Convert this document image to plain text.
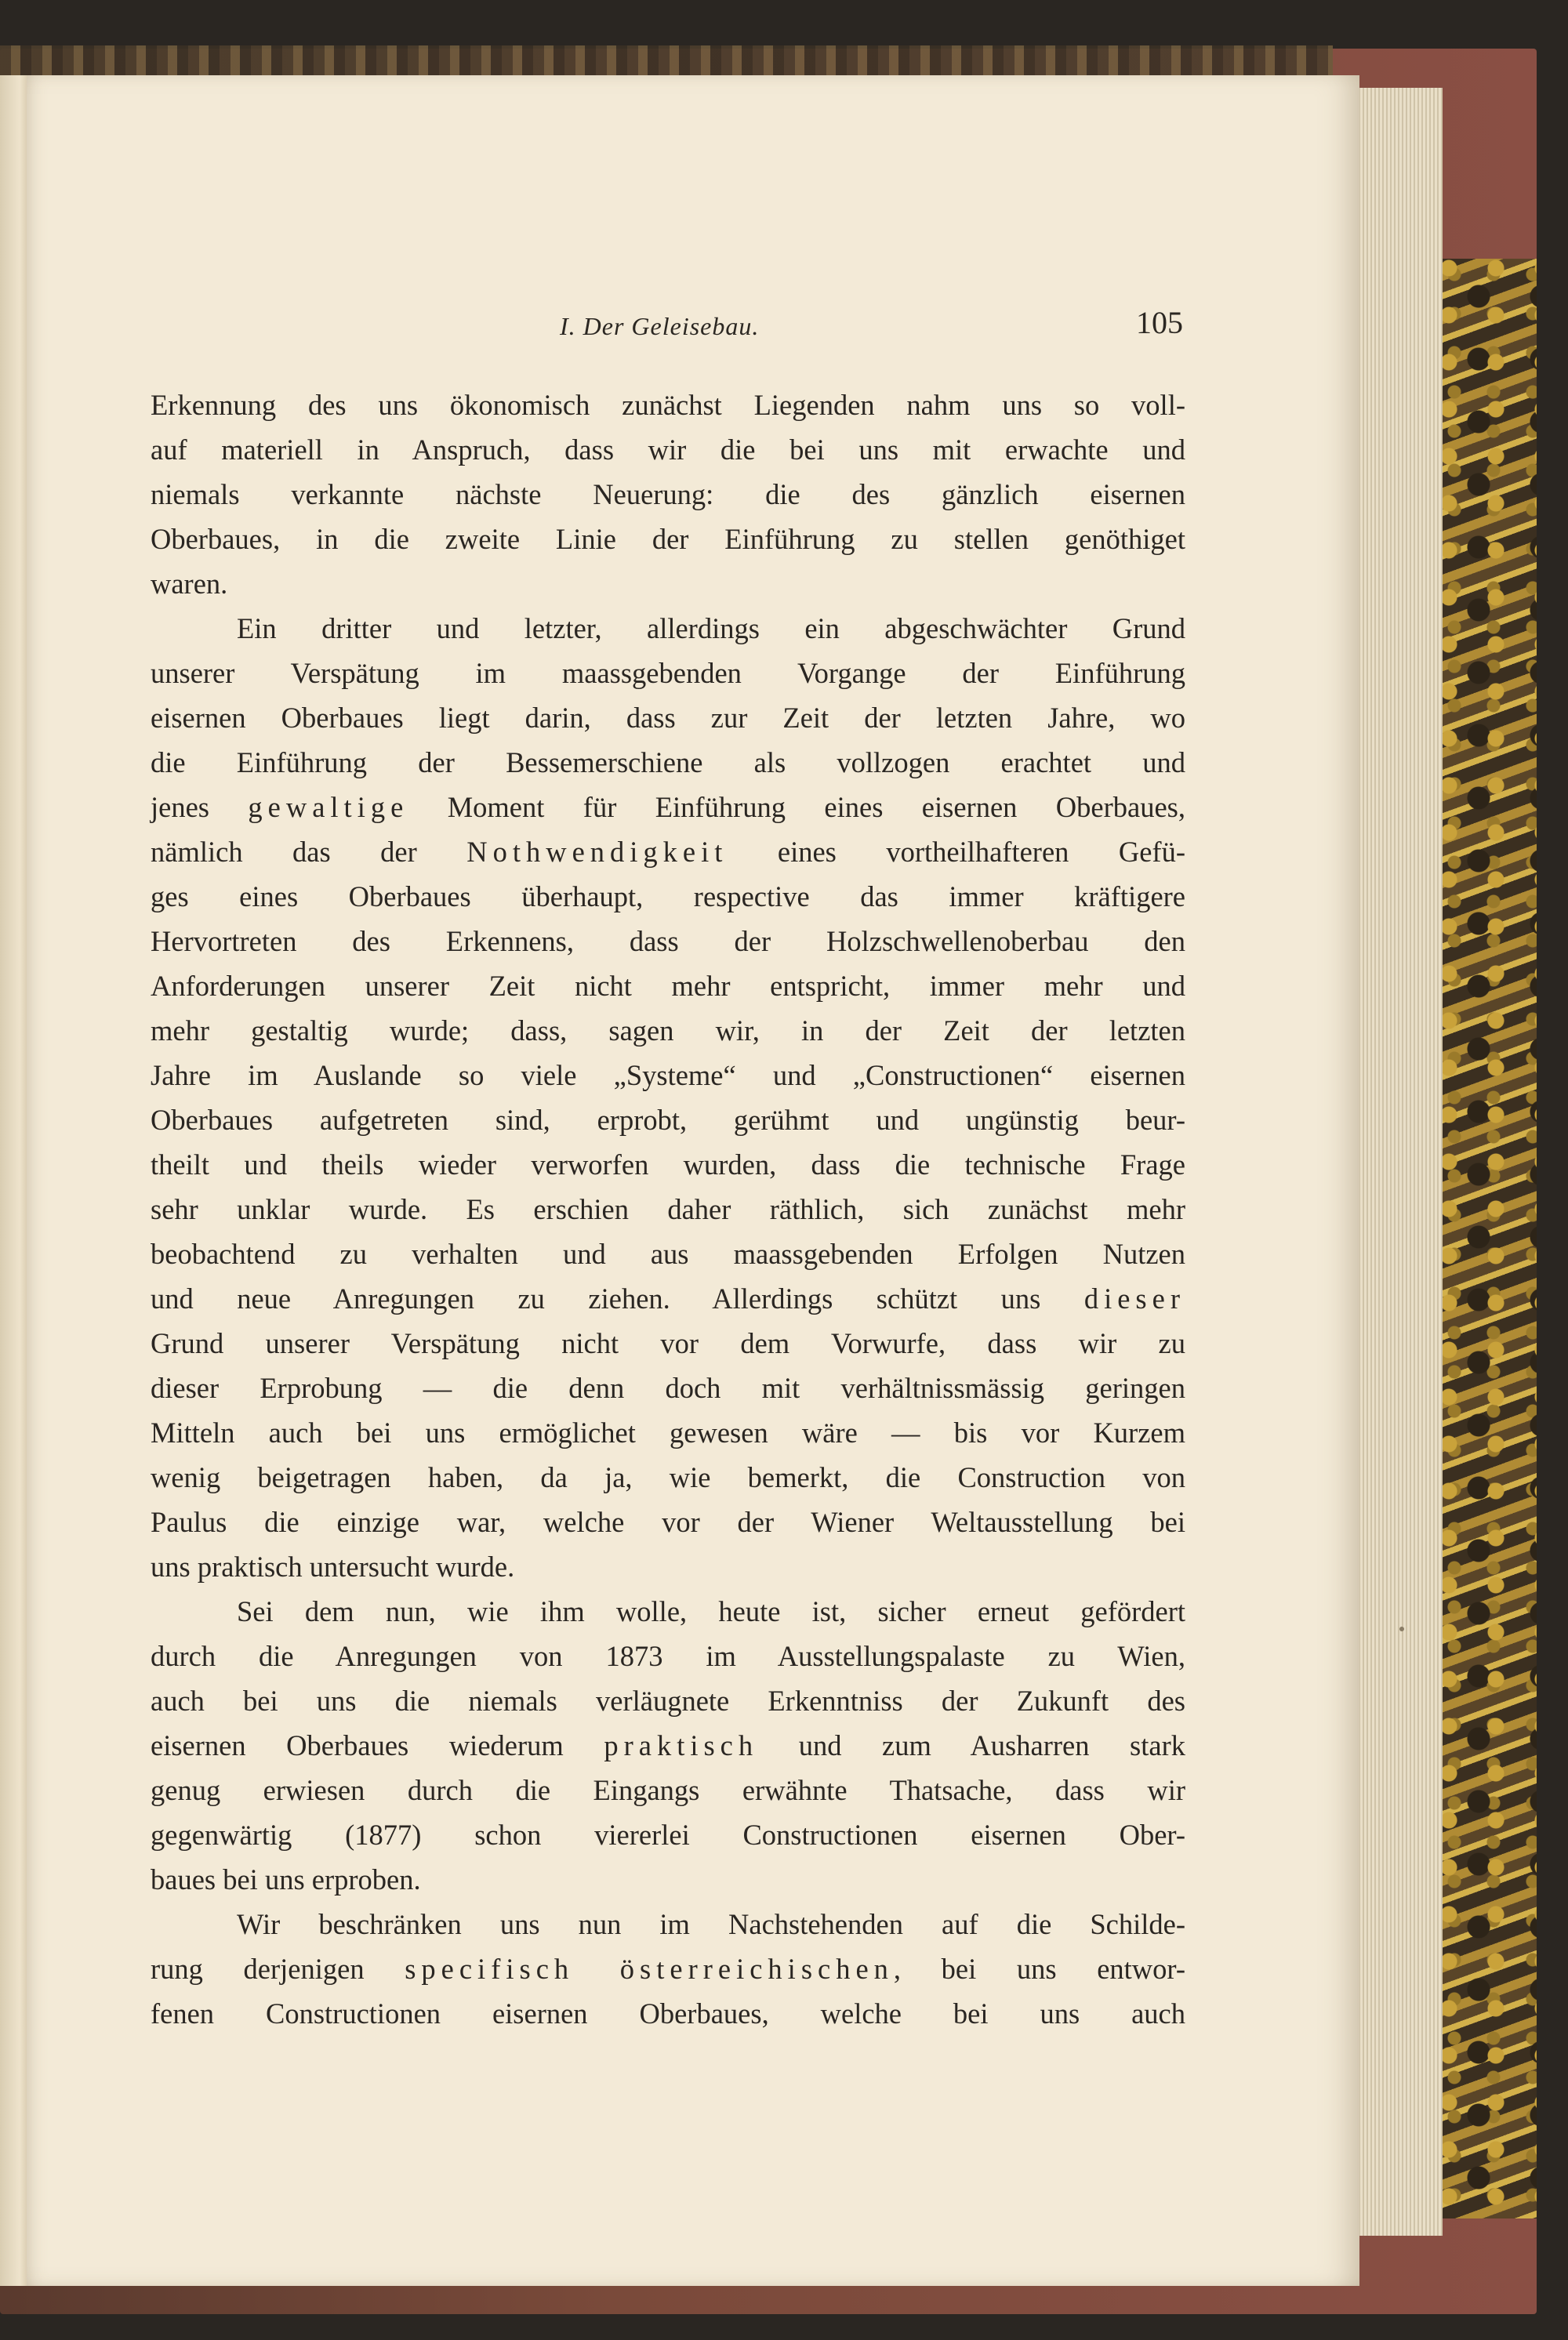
I. Der Geleisebau.	105
Erkennung des uns ökonomisch zunächst Liegenden nahm uns so voll-
auf materiell in Anspruch, dass wir die bei uns mit erwachte und
niemals verkannte nächste Neuerung: die des gänzlich eisernen
Oberbaues, in die zweite Linie der Einführung zu stellen genöthiget
waren.
Ein dritter und letzter, allerdings ein abgeschwächter Grund
unserer Verspätung im maassgebenden Vorgange der Einführung
eisernen Oberbaues liegt darin, dass zur Zeit der letzten Jahre, wo
die Einführung der Bessemerschiene als vollzogen erachtet und
jenes gewaltige Moment für Einführung eines eisernen Oberbaues,
nämlich das der Nothwendigkeit eines vortheilhafteren Gefü-
ges eines Oberbaues überhaupt, respective das immer kräftigere
Hervortreten des Erkennens, dass der Holzschwellenoberbau den
Anforderungen unserer Zeit nicht mehr entspricht, immer mehr und
mehr gestaltig wurde; dass, sagen wir, in der Zeit der letzten
Jahre im Auslande so viele „Systeme“ und „Constructionen“ eisernen
Oberbaues aufgetreten sind, erprobt, gerühmt und ungünstig beur-
theilt und theils wieder verworfen wurden, dass die technische Frage
sehr unklar wurde. Es erschien daher räthlich, sich zunächst mehr
beobachtend zu verhalten und aus maassgebenden Erfolgen Nutzen
und neue Anregungen zu ziehen. Allerdings schützt uns dieser
Grund unserer Verspätung nicht vor dem Vorwurfe, dass wir zu
dieser Erprobung — die denn doch mit verhältnissmässig geringen
Mitteln auch bei uns ermöglichet gewesen wäre — bis vor Kurzem
wenig beigetragen haben, da ja, wie bemerkt, die Construction von
Paulus die einzige war, welche vor der Wiener Weltausstellung bei
uns praktisch untersucht wurde.
Sei dem nun, wie ihm wolle, heute ist, sicher erneut gefördert
durch die Anregungen von 1873 im Ausstellungspalaste zu Wien,
auch bei uns die niemals verläugnete Erkenntniss der Zukunft des
eisernen Oberbaues wiederum praktisch und zum Ausharren stark
genug erwiesen durch die Eingangs erwähnte Thatsache, dass wir
gegenwärtig (1877) schon viererlei Constructionen eisernen Ober-
baues bei uns erproben.
Wir beschränken uns nun im Nachstehenden auf die Schilde-
rung derjenigen specifisch österreichischen, bei uns entwor-
fenen Constructionen eisernen Oberbaues, welche bei uns auch
